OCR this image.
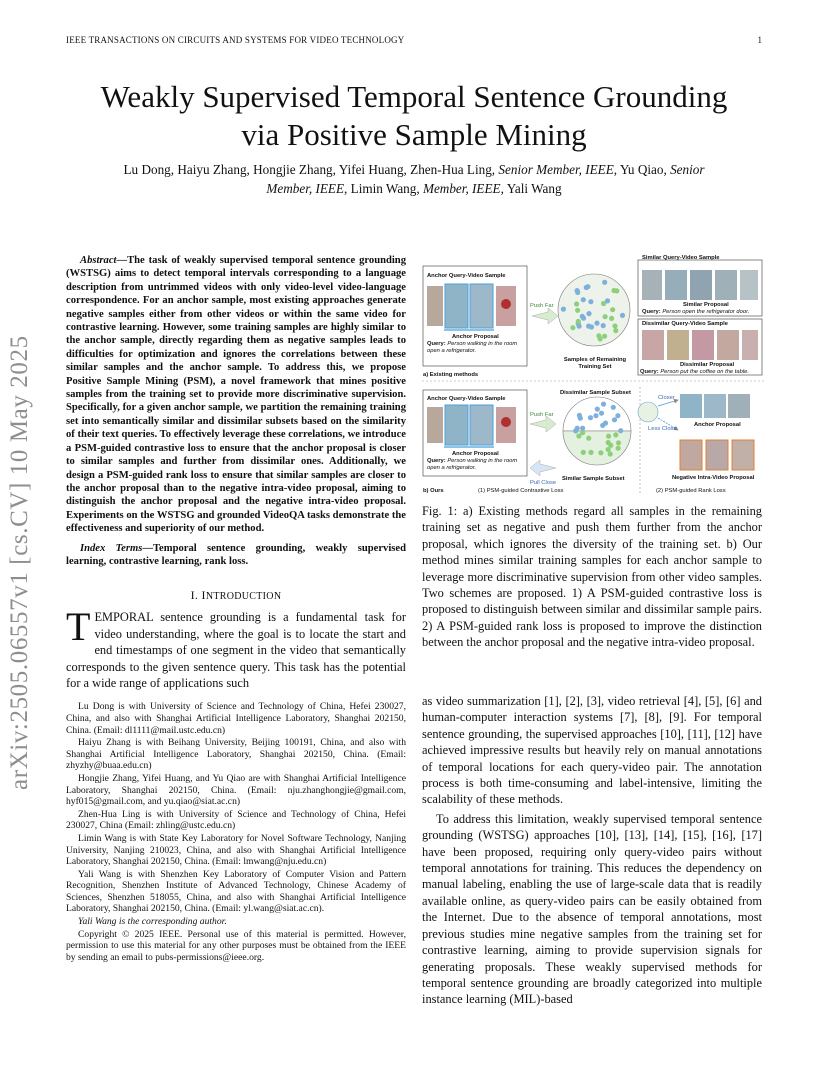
IEEE TRANSACTIONS ON CIRCUITS AND SYSTEMS FOR VIDEO TECHNOLOGY	1
arXiv:2505.06557v1 [cs.CV] 10 May 2025
Weakly Supervised Temporal Sentence Grounding
via Positive Sample Mining
Lu Dong, Haiyu Zhang, Hongjie Zhang, Yifei Huang, Zhen-Hua Ling, Senior Member, IEEE, Yu Qiao, Senior
Member, IEEE, Limin Wang, Member, IEEE, Yali Wang

Abstract—The task of weakly supervised temporal sentence grounding (WSTSG) aims to detect temporal intervals corresponding to a language description from untrimmed videos with only video-level video-language correspondence. For an anchor sample, most existing approaches generate negative samples either from other videos or within the same video for contrastive learning. However, some training samples are highly similar to the anchor sample, directly regarding them as negative samples leads to difficulties for optimization and ignores the correlations between these similar samples and the anchor sample. To address this, we propose Positive Sample Mining (PSM), a novel framework that mines positive samples from the training set to provide more discriminative supervision. Specifically, for a given anchor sample, we partition the remaining training set into semantically similar and dissimilar subsets based on the similarity of their text queries. To effectively leverage these correlations, we introduce a PSM-guided contrastive loss to ensure that the anchor proposal is closer to similar samples and further from dissimilar ones. Additionally, we design a PSM-guided rank loss to ensure that similar samples are closer to the anchor proposal than to the negative intra-video proposal, aiming to distinguish the anchor proposal and the negative intra-video proposal. Experiments on the WSTSG and grounded VideoQA tasks demonstrate the effectiveness and superiority of our method.

Index Terms—Temporal sentence grounding, weakly supervised learning, contrastive learning, rank loss.

I. INTRODUCTION

TEMPORAL sentence grounding is a fundamental task for video understanding, where the goal is to locate the start and end timestamps of one segment in the video that semantically corresponds to the given sentence query. This task has the potential for a wide range of applications such

Lu Dong is with University of Science and Technology of China, Hefei 230027, China, and also with Shanghai Artificial Intelligence Laboratory, Shanghai 202150, China. (Email: dl1111@mail.ustc.edu.cn)

Haiyu Zhang is with Beihang University, Beijing 100191, China, and also with Shanghai Artificial Intelligence Laboratory, Shanghai 202150, China. (Email: zhyzhy@buaa.edu.cn)

Hongjie Zhang, Yifei Huang, and Yu Qiao are with Shanghai Artificial Intelligence Laboratory, Shanghai 202150, China. (Email: nju.zhanghongjie@gmail.com, hyf015@gmail.com, and yu.qiao@siat.ac.cn)

Zhen-Hua Ling is with University of Science and Technology of China, Hefei 230027, China (Email: zhling@ustc.edu.cn)

Limin Wang is with State Key Laboratory for Novel Software Technology, Nanjing University, Nanjing 210023, China, and also with Shanghai Artificial Intelligence Laboratory, Shanghai 202150, China. (Email: lmwang@nju.edu.cn)

Yali Wang is with Shenzhen Key Laboratory of Computer Vision and Pattern Recognition, Shenzhen Institute of Advanced Technology, Chinese Academy of Sciences, Shenzhen 518055, China, and also with Shanghai Artificial Intelligence Laboratory, Shanghai 202150, China. (Email: yl.wang@siat.ac.cn).

Yali Wang is the corresponding author.

Copyright © 2025 IEEE. Personal use of this material is permitted. However, permission to use this material for any other purposes must be obtained from the IEEE by sending an email to pubs-permissions@ieee.org.

Anchor Query-Video Sample
Anchor Proposal
Query: Person walking in the room open a refrigerator.
Push Far
Samples of Remaining Training Set
Similar Query-Video Sample
Similar Proposal
Query: Person open the refrigerator door.
Dissimilar Query-Video Sample
Dissimilar Proposal
Query: Person put the coffee on the table.
a) Existing methods
Anchor Query-Video Sample
Anchor Proposal
Query: Person walking in the room open a refrigerator.
Push Far
Pull Close
Dissimilar Sample Subset
Similar Sample Subset
Closer
Less Close
Anchor Proposal
Negative Intra-Video Proposal
b) Ours	(1) PSM-guided Contrastive Loss	(2) PSM-guided Rank Loss

Fig. 1: a) Existing methods regard all samples in the remaining training set as negative and push them further from the anchor proposal, which ignores the diversity of the training set. b) Our method mines similar training samples for each anchor sample to leverage more discriminative supervision from other video samples. Two schemes are proposed. 1) A PSM-guided contrastive loss is proposed to distinguish between similar and dissimilar sample pairs. 2) A PSM-guided rank loss is proposed to improve the distinction between the anchor proposal and the negative intra-video proposal.

as video summarization [1], [2], [3], video retrieval [4], [5], [6] and human-computer interaction systems [7], [8], [9]. For temporal sentence grounding, the supervised approaches [10], [11], [12] have achieved impressive results but heavily rely on manual annotations of temporal locations for each query-video pair. The annotation process is both time-consuming and label-intensive, limiting the scalability of these methods.

To address this limitation, weakly supervised temporal sentence grounding (WSTSG) approaches [10], [13], [14], [15], [16], [17] have been proposed, requiring only query-video pairs without temporal annotations for training. This reduces the dependency on manual labeling, enabling the use of large-scale data that is readily available online, as query-video pairs can be easily obtained from the Internet. Due to the absence of temporal annotations, most previous studies mine negative samples from the training set for contrastive learning, aiming to provide supervision signals for generating proposals. These weakly supervised methods for temporal sentence grounding are broadly categorized into multiple instance learning (MIL)-based
